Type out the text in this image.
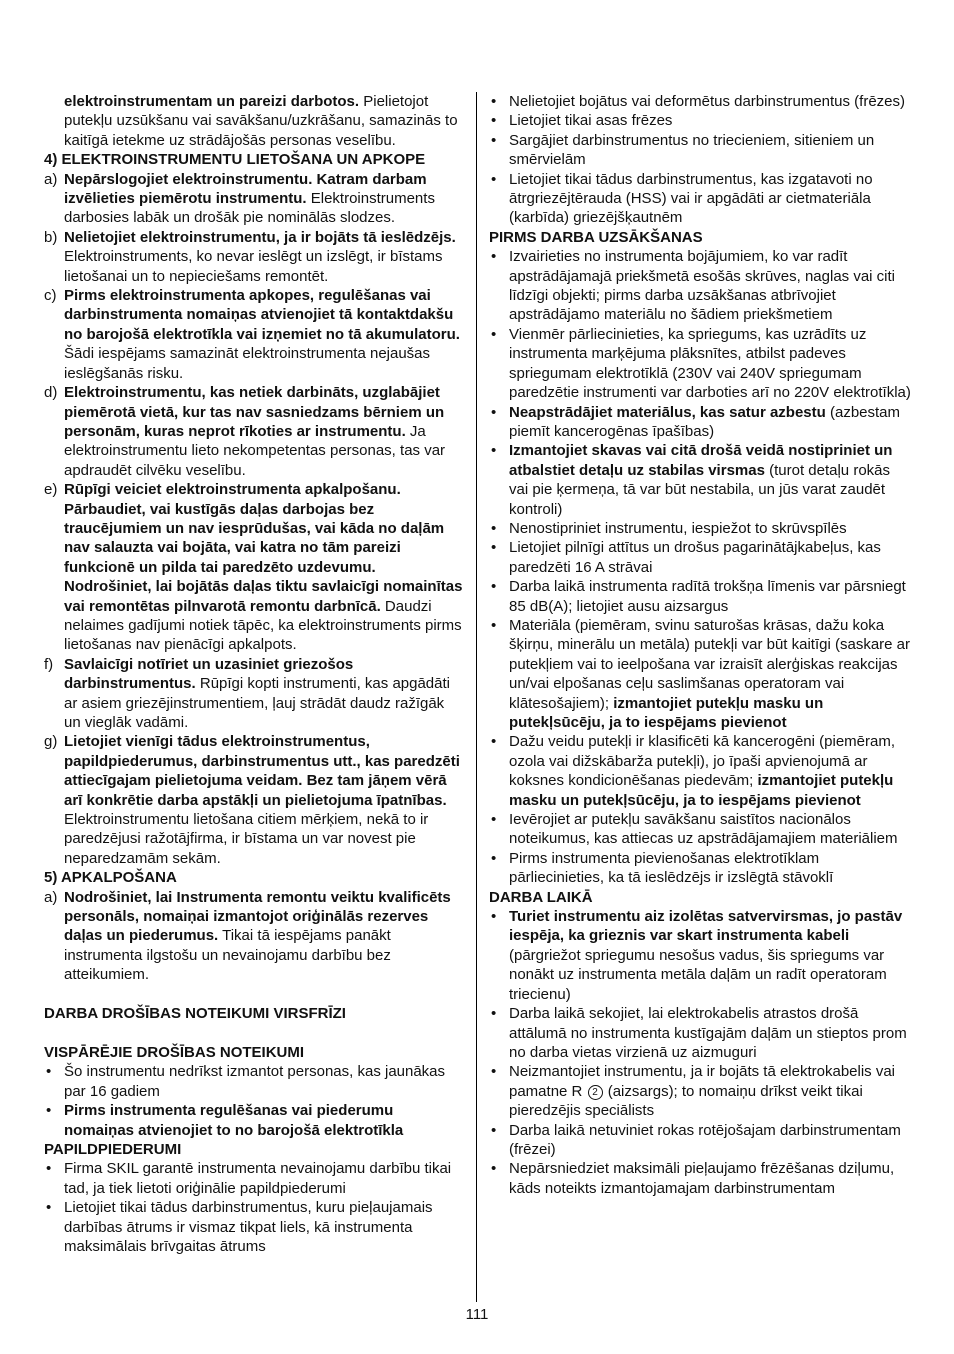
elektroinstrumentam un pareizi darbotos. Pielietojot putekļu uzsūkšanu vai savākšanu/uzkrāšanu, samazinās to kaitīgā ietekme uz strādājošās personas veselību.
4) ELEKTROINSTRUMENTU LIETOŠANA UN APKOPE
a) Nepārslogojiet elektroinstrumentu. Katram darbam izvēlieties piemērotu instrumentu. Elektroinstruments darbosies labāk un drošāk pie nominālās slodzes.
b) Nelietojiet elektroinstrumentu, ja ir bojāts tā ieslēdzējs. Elektroinstruments, ko nevar ieslēgt un izslēgt, ir bīstams lietošanai un to nepieciešams remontēt.
c) Pirms elektroinstrumenta apkopes, regulēšanas vai darbinstrumenta nomaiņas atvienojiet tā kontaktdakšu no barojošā elektrotīkla vai izņemiet no tā akumulatoru. Šādi iespējams samazināt elektroinstrumenta nejaušas ieslēgšanās risku.
d) Elektroinstrumentu, kas netiek darbināts, uzglabājiet piemērotā vietā, kur tas nav sasniedzams bērniem un personām, kuras neprot rīkoties ar instrumentu. Ja elektroinstrumentu lieto nekompetentas personas, tas var apdraudēt cilvēku veselību.
e) Rūpīgi veiciet elektroinstrumenta apkalpošanu. Pārbaudiet, vai kustīgās daļas darbojas bez traucējumiem un nav iesprūdušas, vai kāda no daļām nav salauzta vai bojāta, vai katra no tām pareizi funkcionē un pilda tai paredzēto uzdevumu. Nodrošiniet, lai bojātās daļas tiktu savlaicīgi nomainītas vai remontētas pilnvarotā remontu darbnīcā. Daudzi nelaimes gadījumi notiek tāpēc, ka elektroinstruments pirms lietošanas nav pienācīgi apkalpots.
f) Savlaicīgi notīriet un uzasiniet griezošos darbinstrumentus. Rūpīgi kopti instrumenti, kas apgādāti ar asiem griezējinstrumentiem, ļauj strādāt daudz ražīgāk un vieglāk vadāmi.
g) Lietojiet vienīgi tādus elektroinstrumentus, papildpiederumus, darbinstrumentus utt., kas paredzēti attiecīgajam pielietojuma veidam. Bez tam jāņem vērā arī konkrētie darba apstākļi un pielietojuma īpatnības. Elektroinstrumentu lietošana citiem mērķiem, nekā to ir paredzējusi ražotājfirma, ir bīstama un var novest pie neparedzamām sekām.
5) APKALPOŠANA
a) Nodrošiniet, lai Instrumenta remontu veiktu kvalificēts personāls, nomaiņai izmantojot oriģinālās rezerves daļas un piederumus. Tikai tā iespējams panākt instrumenta ilgstošu un nevainojamu darbību bez atteikumiem.
DARBA DROŠĪBAS NOTEIKUMI VIRSFRĪZI
VISPĀRĒJIE DROŠĪBAS NOTEIKUMI
• Šo instrumentu nedrīkst izmantot personas, kas jaunākas par 16 gadiem
• Pirms instrumenta regulēšanas vai piederumu nomaiņas atvienojiet to no barojošā elektrotīkla
PAPILDPIEDERUMI
• Firma SKIL garantē instrumenta nevainojamu darbību tikai tad, ja tiek lietoti oriģinālie papildpiederumi
• Lietojiet tikai tādus darbinstrumentus, kuru pieļaujamais darbības ātrums ir vismaz tikpat liels, kā instrumenta maksimālais brīvgaitas ātrums
• Nelietojiet bojātus vai deformētus darbinstrumentus (frēzes)
• Lietojiet tikai asas frēzes
• Sargājiet darbinstrumentus no triecieniem, sitieniem un smērvielām
• Lietojiet tikai tādus darbinstrumentus, kas izgatavoti no ātrgriezējtērauda (HSS) vai ir apgādāti ar cietmateriāla (karbīda) griezējšķautnēm
PIRMS DARBA UZSĀKŠANAS
• Izvairieties no instrumenta bojājumiem, ko var radīt apstrādājamajā priekšmetā esošās skrūves, naglas vai citi līdzīgi objekti; pirms darba uzsākšanas atbrīvojiet apstrādājamo materiālu no šādiem priekšmetiem
• Vienmēr pārliecinieties, ka spriegums, kas uzrādīts uz instrumenta marķējuma plāksnītes, atbilst padeves spriegumam elektrotīklā (230V vai 240V spriegumam paredzētie instrumenti var darboties arī no 220V elektrotīkla)
• Neapstrādājiet materiālus, kas satur azbestu (azbestam piemīt kancerogēnas īpašības)
• Izmantojiet skavas vai citā drošā veidā nostipriniet un atbalstiet detaļu uz stabilas virsmas (turot detaļu rokās vai pie ķermeņa, tā var būt nestabila, un jūs varat zaudēt kontroli)
• Nenostipriniet instrumentu, iespiežot to skrūvspīlēs
• Lietojiet pilnīgi attītus un drošus pagarinātājkabeļus, kas paredzēti 16 A strāvai
• Darba laikā instrumenta radītā trokšņa līmenis var pārsniegt 85 dB(A); lietojiet ausu aizsargus
• Materiāla (piemēram, svinu saturošas krāsas, dažu koka šķirņu, minerālu un metāla) putekļi var būt kaitīgi (saskare ar putekļiem vai to ieelpošana var izraisīt alerģiskas reakcijas un/vai elpošanas ceļu saslimšanas operatoram vai klātesošajiem); izmantojiet putekļu masku un putekļsūcēju, ja to iespējams pievienot
• Dažu veidu putekļi ir klasificēti kā kancerogēni (piemēram, ozola vai dižskābarža putekļi), jo īpaši apvienojumā ar koksnes kondicionēšanas piedevām; izmantojiet putekļu masku un putekļsūcēju, ja to iespējams pievienot
• Ievērojiet ar putekļu savākšanu saistītos nacionālos noteikumus, kas attiecas uz apstrādājamajiem materiāliem
• Pirms instrumenta pievienošanas elektrotīklam pārliecinieties, ka tā ieslēdzējs ir izslēgtā stāvoklī
DARBA LAIKĀ
• Turiet instrumentu aiz izolētas satvervirsmas, jo pastāv iespēja, ka grieznis var skart instrumenta kabeli (pārgriežot spriegumu nesošus vadus, šis spriegums var nonākt uz instrumenta metāla daļām un radīt operatoram triecienu)
• Darba laikā sekojiet, lai elektrokabelis atrastos drošā attālumā no instrumenta kustīgajām daļām un stieptos prom no darba vietas virzienā uz aizmuguri
• Neizmantojiet instrumentu, ja ir bojāts tā elektrokabelis vai pamatne R 2 (aizsargs); to nomaiņu drīkst veikt tikai pieredzējis speciālists
• Darba laikā netuviniet rokas rotējošajam darbinstrumentam (frēzei)
• Nepārsniedziet maksimāli pieļaujamo frēzēšanas dziļumu, kāds noteikts izmantojamajam darbinstrumentam
111
